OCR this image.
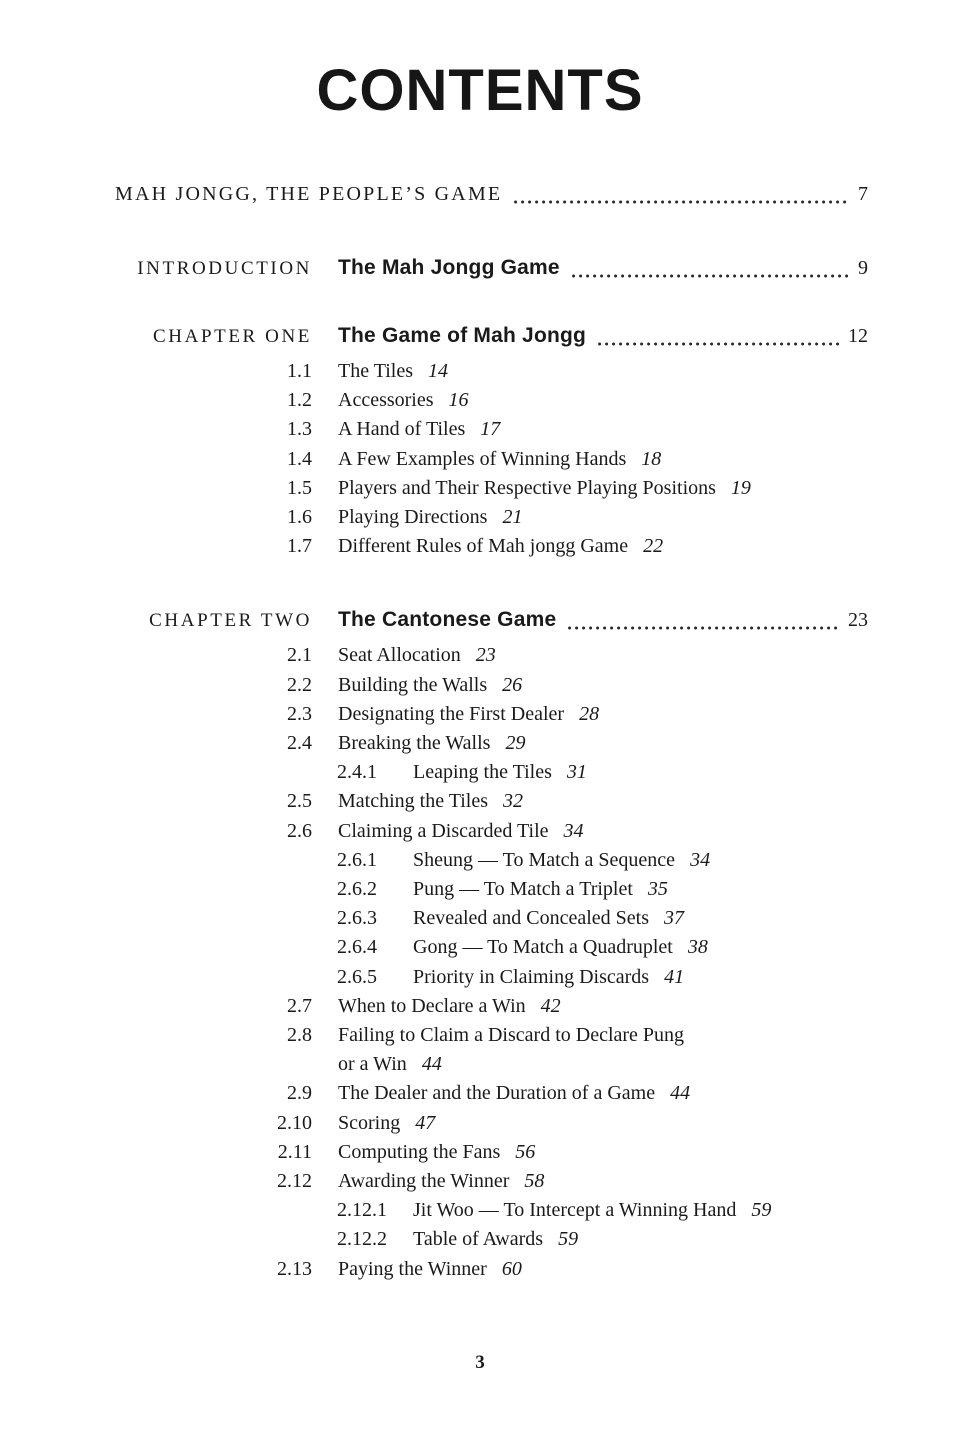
CONTENTS
MAH JONGG, THE PEOPLE’S GAME	7
INTRODUCTION The Mah Jongg Game	9
CHAPTER ONE The Game of Mah Jongg	12
1.1 The Tiles 14
1.2 Accessories 16
1.3 A Hand of Tiles 17
1.4 A Few Examples of Winning Hands 18
1.5 Players and Their Respective Playing Positions 19
1.6 Playing Directions 21
1.7 Different Rules of Mah jongg Game 22
CHAPTER TWO The Cantonese Game	23
2.1 Seat Allocation 23
2.2 Building the Walls 26
2.3 Designating the First Dealer 28
2.4 Breaking the Walls 29
2.4.1	Leaping the Tiles 31
2.5 Matching the Tiles 32
2.6 Claiming a Discarded Tile 34
2.6.1	Sheung — To Match a Sequence 34
2.6.2	Pung — To Match a Triplet 35
2.6.3	Revealed and Concealed Sets 37
2.6.4	Gong — To Match a Quadruplet 38
2.6.5	Priority in Claiming Discards 41
2.7 When to Declare a Win 42
2.8 Failing to Claim a Discard to Declare Pung
or a Win 44
2.9 The Dealer and the Duration of a Game 44
2.10 Scoring 47
2.11 Computing the Fans 56
2.12 Awarding the Winner 58
2.12.1	Jit Woo — To Intercept a Winning Hand 59
2.12.2	Table of Awards 59
2.13 Paying the Winner 60
3
